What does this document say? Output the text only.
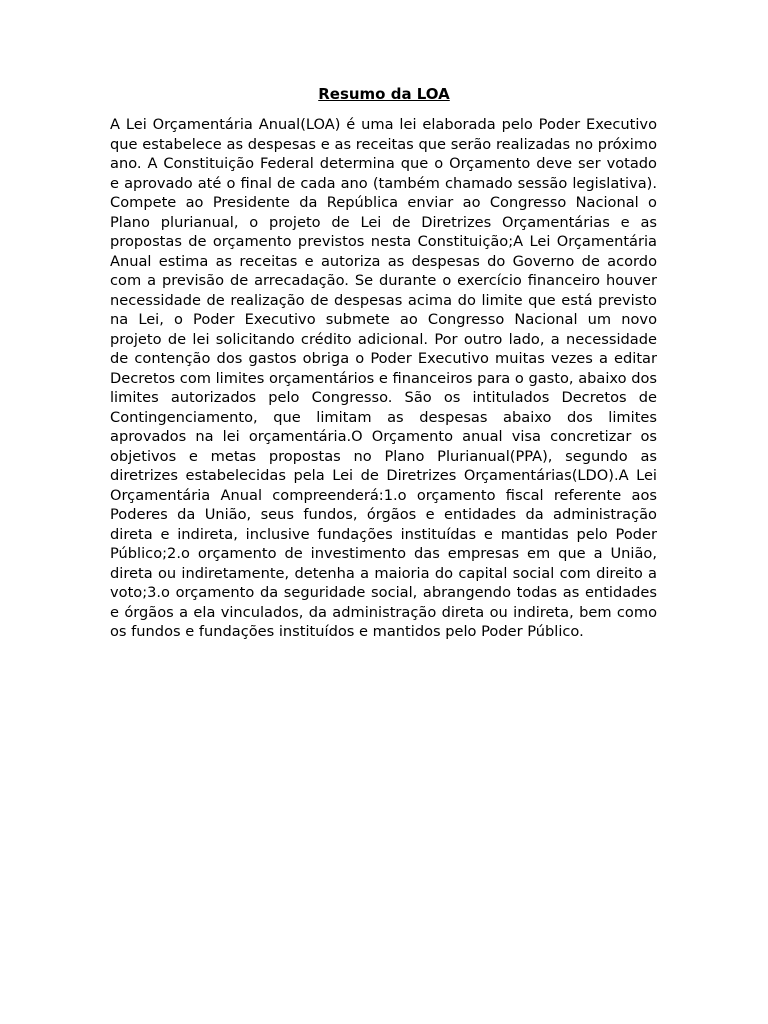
Resumo da LOA

A Lei Orçamentária Anual(LOA) é uma lei elaborada pelo Poder Executivo que estabelece as despesas e as receitas que serão realizadas no próximo ano. A Constituição Federal determina que o Orçamento deve ser votado e aprovado até o final de cada ano (também chamado sessão legislativa). Compete ao Presidente da República enviar ao Congresso Nacional o Plano plurianual, o projeto de Lei de Diretrizes Orçamentárias e as propostas de orçamento previstos nesta Constituição;A Lei Orçamentária Anual estima as receitas e autoriza as despesas do Governo de acordo com a previsão de arrecadação. Se durante o exercício financeiro houver necessidade de realização de despesas acima do limite que está previsto na Lei, o Poder Executivo submete ao Congresso Nacional um novo projeto de lei solicitando crédito adicional. Por outro lado, a necessidade de contenção dos gastos obriga o Poder Executivo muitas vezes a editar Decretos com limites orçamentários e financeiros para o gasto, abaixo dos limites autorizados pelo Congresso. São os intitulados Decretos de Contingenciamento, que limitam as despesas abaixo dos limites aprovados na lei orçamentária.O Orçamento anual visa concretizar os objetivos e metas propostas no Plano Plurianual(PPA), segundo as diretrizes estabelecidas pela Lei de Diretrizes Orçamentárias(LDO).A Lei Orçamentária Anual compreenderá:1.o orçamento fiscal referente aos Poderes da União, seus fundos, órgãos e entidades da administração direta e indireta, inclusive fundações instituídas e mantidas pelo Poder Público;2.o orçamento de investimento das empresas em que a União, direta ou indiretamente, detenha a maioria do capital social com direito a voto;3.o orçamento da seguridade social, abrangendo todas as entidades e órgãos a ela vinculados, da administração direta ou indireta, bem como os fundos e fundações instituídos e mantidos pelo Poder Público.
